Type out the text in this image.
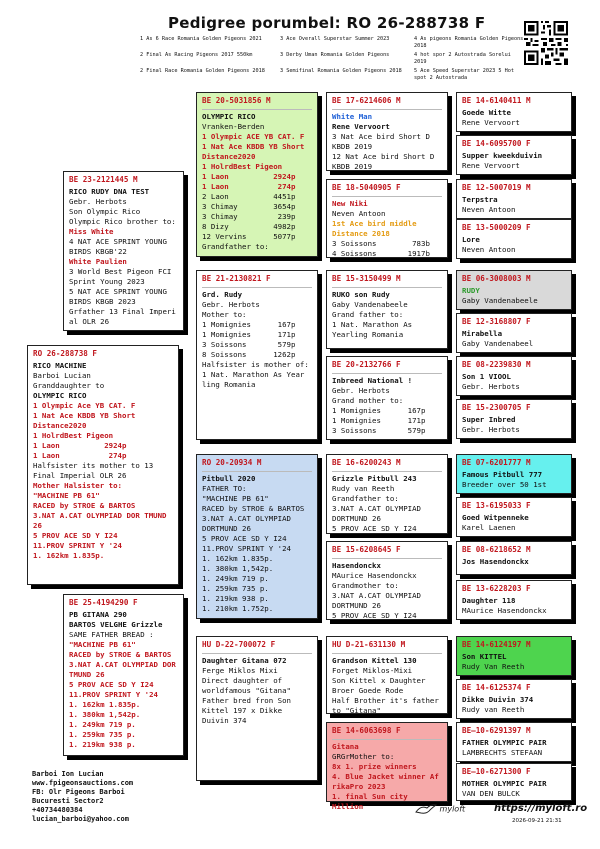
Pedigree porumbel: RO 26-288738 F
1 As 6 Race Romania Golden Pigeons 2021	3 Ace Overall Superstar Summer 2023	4 As pigeons Romania Golden Pigeons 2018
2 Final As Racing Pigeons 2017 550km	3 Derby Uman Romania Golden Pigeons	4 hot spor 2 Autostrada Sorelui 2019
2 Final Race Romania Golden Pigeons 2018	3 Semifinal Romania Golden Pigeons 2018	5 Ace Speed Superstar 2023 5 Hot spot 2 Autostrada
RO 26-288738 F
RICO MACHINE
Barboi Lucian
Granddaughter to
OLYMPIC RICO
1 Olympic Ace YB CAT. F
1 Nat Ace KBDB YB Short Distance2020
1 HolrdBest Pigeon
1 Laon          2924p
1 Laon           274p
Halfsister its mother to 13 Final Imperial OLR 26
Mother Halsister to:
"MACHINE PB 61"
RACED by STROE & BARTOS
3.NAT A.CAT OLYMPIAD DOR TMUND 26
5 PROV ACE SD Y I24
11.PROV SPRINT Y '24
1. 162km 1.835p.
BE 23-2121445 M
RICO RUDY DNA TEST
Gebr. Herbots
Son Olympic Rico
Olympic Rico brother to:
Miss White
4 NAT ACE SPRINT YOUNG BIRDS KBGB'22
White Paulien
3 World Best Pigeon FCI Sprint Young 2023
5 NAT ACE SPRINT YOUNG BIRDS KBGB 2023
Grfather 13 Final Imperi
al OLR 26
BE 25-4194290 F
PB GITANA 290
BARTOS VELGHE Grizzle
SAME FATHER BREAD :
"MACHINE PB 61"
RACED by STROE & BARTOS
3.NAT A.CAT OLYMPIAD DOR TMUND 26
5 PROV ACE SD Y I24
11.PROV SPRINT Y '24
1. 162km 1.835p.
1. 380km 1,542p.
1. 249km 719 p.
1. 259km 735 p.
1. 219km 938 p.
BE 20-5031856 M
OLYMPIC RICO
Vranken-Berden
1 Olympic ACE YB CAT. F
1 Nat Ace KBDB YB Short Distance2020
1 HolrdBest Pigeon
1 Laon          2924p
1 Laon           274p
2 Laon          4451p
3 Chimay        3654p
3 Chimay         239p
8 Dizy          4982p
12 Vervins      5077p
Grandfather to:
BE 21-2130821 F
Grd. Rudy
Gebr. Herbots
Mother to:
1 Momignies      167p
1 Momignies      171p
3 Soissons       579p
8 Soissons      1262p
Halfsister is mother of:
1 Nat. Marathon As Year ling Romania
RO 20-20934 M
Pitbull 2020
FATHER TO:
"MACHINE PB 61"
RACED by STROE & BARTOS
3.NAT A.CAT OLYMPIAD DORTMUND 26
5 PROV ACE SD Y I24
11.PROV SPRINT Y '24
1. 162km 1.835p.
1. 380km 1,542p.
1. 249km 719 p.
1. 259km 735 p.
1. 219km 938 p.
1. 210km 1.752p.
HU D-22-700072 F
Daughter Gitana 072
Ferge Miklos Mixi
Direct daughter of worldfamous "Gitana"
Father bred fron Son Kittel 197 x Dikke Duivin 374
BE 17-6214606 M
White Man
Rene Vervoort
3 Nat Ace bird Short D KBDB 2019
12 Nat Ace bird Short D KBDB 2019
BE 18-5040905 F
New Niki
Neven Antoon
1st Ace bird middle Distance 2018
3 Soissons        783b
4 Soissons       1917b
BE 15-3150499 M
RUKO son Rudy
Gaby Vandenabeele
Grand father to:
1 Nat. Marathon As Yearling Romania
BE 20-2132766 F
Inbreed National !
Gebr. Herbots
Grand mother to:
1 Momignies      167p
1 Momignies      171p
3 Soissons       579p
BE 16-6200243 M
Grizzle Pitbull 243
Rudy van Reeth
Grandfather to:
3.NAT A.CAT OLYMPIAD DORTMUND 26
5 PROV ACE SD Y I24
BE 15-6208645 F
Hasendonckx
MAurice Hasendonckx
Grandmother to:
3.NAT A.CAT OLYMPIAD DORTMUND 26
5 PROV ACE SD Y I24
HU D-21-631130 M
Grandson Kittel 130
Forget Miklos-Mixi
Son Kittel x Daughter Broer Goede Rode
Half Brother it's father to "Gitana"
BE 14-6063698 F
Gitana
GRGrMother to:
8x 1. prize winners
4. Blue Jacket winner Af rikaPro 2023
1. final Sun city Million
BE 14-6140411 M
Goede Witte
Rene Vervoort
BE 14-6095700 F
Supper kweekduivin
Rene Vervoort
BE 12-5007019 M
Terpstra
Neven Antoon
BE 13-5000209 F
Lore
Neven Antoon
BE 06-3008003 M
RUDY
Gaby Vandenabeele
BE 12-3168807 F
Mirabella
Gaby Vandenabeel
BE 08-2239830 M
Son 1 VIOOL
Gebr. Herbots
BE 15-2300705 F
Super Inbred
Gebr. Herbots
BE 07-6201777 M
Famous Pitbull 777
Breeder over 50 1st
BE 13-6195033 F
Goed Witpenneke
Karel Laenen
BE 08-6218652 M
Jos Hasendonckx
BE 13-6228203 F
Daughter 118
MAurice Hasendonckx
BE 14-6124197 M
Son KITTEL
Rudy Van Reeth
BE 14-6125374 F
Dikke Duivin 374
Rudy van Reeth
BE—10-6291397 M
FATHER OLYMPIC PAIR
LAMBRECHTS STEFAAN
BE—10-6271300 F
MOTHER OLYMPIC PAIR
VAN DEN BULCK
Barboi Ion Lucian
www.fpigeonsauctions.com
FB: Olr Pigeons Barboi
Bucuresti Sector2
+40734480384
lucian_barboi@yahoo.com
myloft	https://myloft.ro
2026-09-21 21:31
